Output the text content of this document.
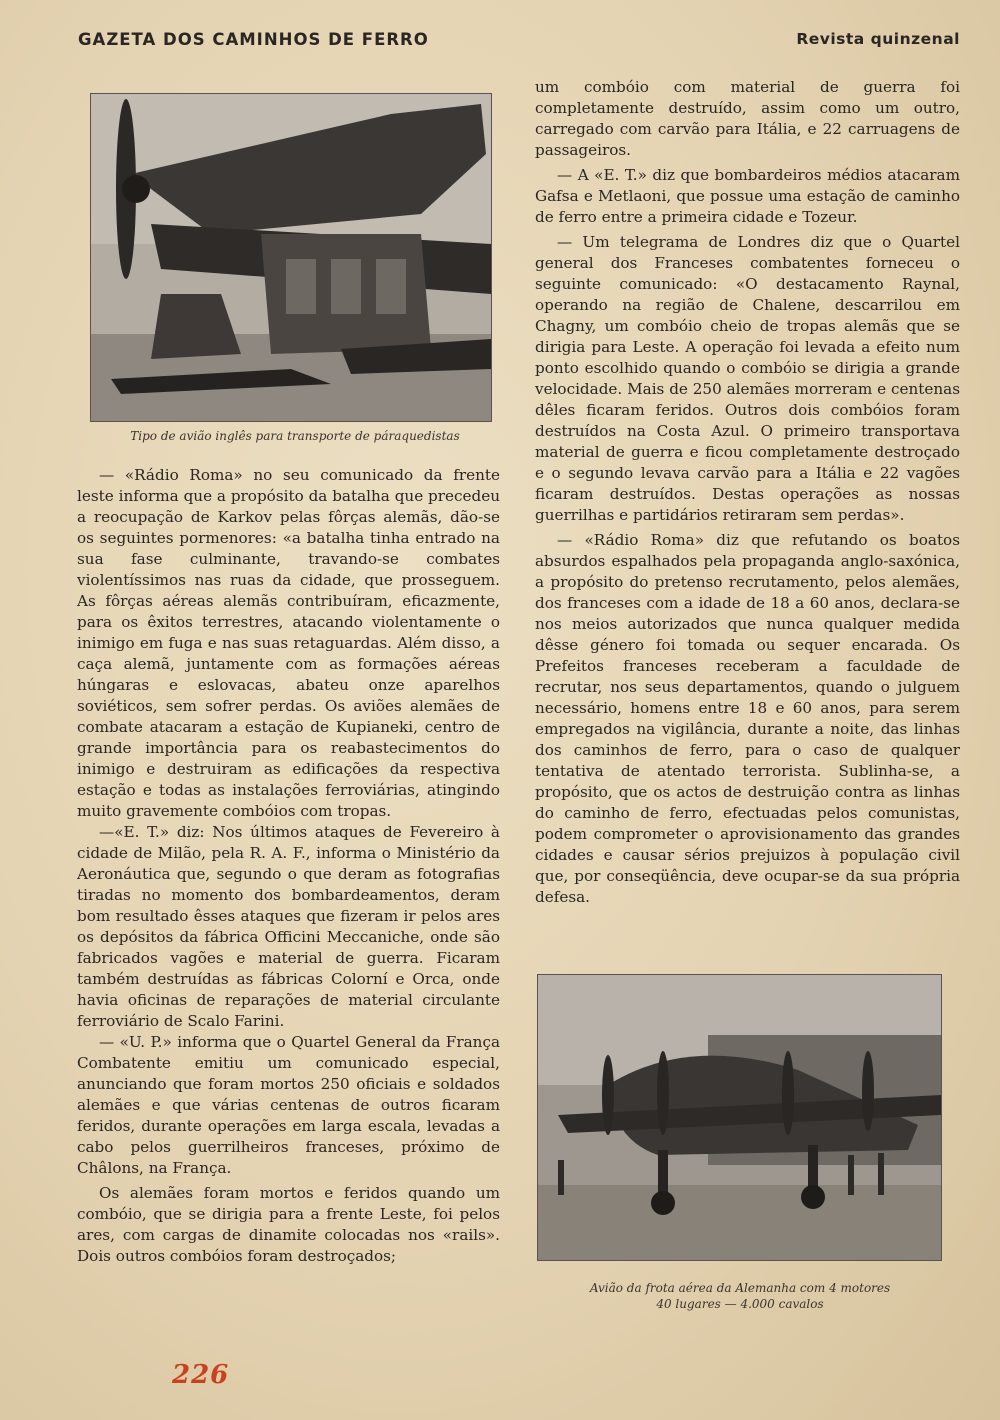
GAZETA DOS CAMINHOS DE FERRO	Revista quinzenal
Tipo de avião inglês para transporte de páraquedistas

— «Rádio Roma» no seu comunicado da frente leste informa que a propósito da batalha que precedeu a reocupação de Karkov pelas fôrças alemãs, dão-se os seguintes pormenores: «a batalha tinha entrado na sua fase culminante, travando-se combates violentíssimos nas ruas da cidade, que prosseguem. As fôrças aéreas alemãs contribuíram, eficazmente, para os êxitos terrestres, atacando violentamente o inimigo em fuga e nas suas retaguardas. Além disso, a caça alemã, juntamente com as formações aéreas húngaras e eslovacas, abateu onze aparelhos soviéticos, sem sofrer perdas. Os aviões alemães de combate atacaram a estação de Kupianeki, centro de grande importância para os reabastecimentos do inimigo e destruiram as edificações da respectiva estação e todas as instalações ferroviárias, atingindo muito gravemente combóios com tropas.

—«E. T.» diz: Nos últimos ataques de Fevereiro à cidade de Milão, pela R. A. F., informa o Ministério da Aeronáutica que, segundo o que deram as fotografias tiradas no momento dos bombardeamentos, deram bom resultado êsses ataques que fizeram ir pelos ares os depósitos da fábrica Officini Meccaniche, onde são fabricados vagões e material de guerra. Ficaram também destruídas as fábricas Colorní e Orca, onde havia oficinas de reparações de material circulante ferroviário de Scalo Farini.

— «U. P.» informa que o Quartel General da França Combatente emitiu um comunicado especial, anunciando que foram mortos 250 oficiais e soldados alemães e que várias centenas de outros ficaram feridos, durante operações em larga escala, levadas a cabo pelos guerrilheiros franceses, próximo de Châlons, na França.

Os alemães foram mortos e feridos quando um combóio, que se dirigia para a frente Leste, foi pelos ares, com cargas de dinamite colocadas nos «rails». Dois outros combóios foram destroçados;

um combóio com material de guerra foi completamente destruído, assim como um outro, carregado com carvão para Itália, e 22 carruagens de passageiros.

— A «E. T.» diz que bombardeiros médios atacaram Gafsa e Metlaoni, que possue uma estação de caminho de ferro entre a primeira cidade e Tozeur.

— Um telegrama de Londres diz que o Quartel general dos Franceses combatentes forneceu o seguinte comunicado: «O destacamento Raynal, operando na região de Chalene, descarrilou em Chagny, um combóio cheio de tropas alemãs que se dirigia para Leste. A operação foi levada a efeito num ponto escolhido quando o combóio se dirigia a grande velocidade. Mais de 250 alemães morreram e centenas dêles ficaram feridos. Outros dois combóios foram destruídos na Costa Azul. O primeiro transportava material de guerra e ficou completamente destroçado e o segundo levava carvão para a Itália e 22 vagões ficaram destruídos. Destas operações as nossas guerrilhas e partidários retiraram sem perdas».

— «Rádio Roma» diz que refutando os boatos absurdos espalhados pela propaganda anglo-saxónica, a propósito do pretenso recrutamento, pelos alemães, dos franceses com a idade de 18 a 60 anos, declara-se nos meios autorizados que nunca qualquer medida dêsse género foi tomada ou sequer encarada. Os Prefeitos franceses receberam a faculdade de recrutar, nos seus departamentos, quando o julguem necessário, homens entre 18 e 60 anos, para serem empregados na vigilância, durante a noite, das linhas dos caminhos de ferro, para o caso de qualquer tentativa de atentado terrorista. Sublinha-se, a propósito, que os actos de destruição contra as linhas do caminho de ferro, efectuadas pelos comunistas, podem comprometer o aprovisionamento das grandes cidades e causar sérios prejuizos à população civil que, por conseqüência, deve ocupar-se da sua própria defesa.

Avião da frota aérea da Alemanha com 4 motores
40 lugares — 4.000 cavalos
226
